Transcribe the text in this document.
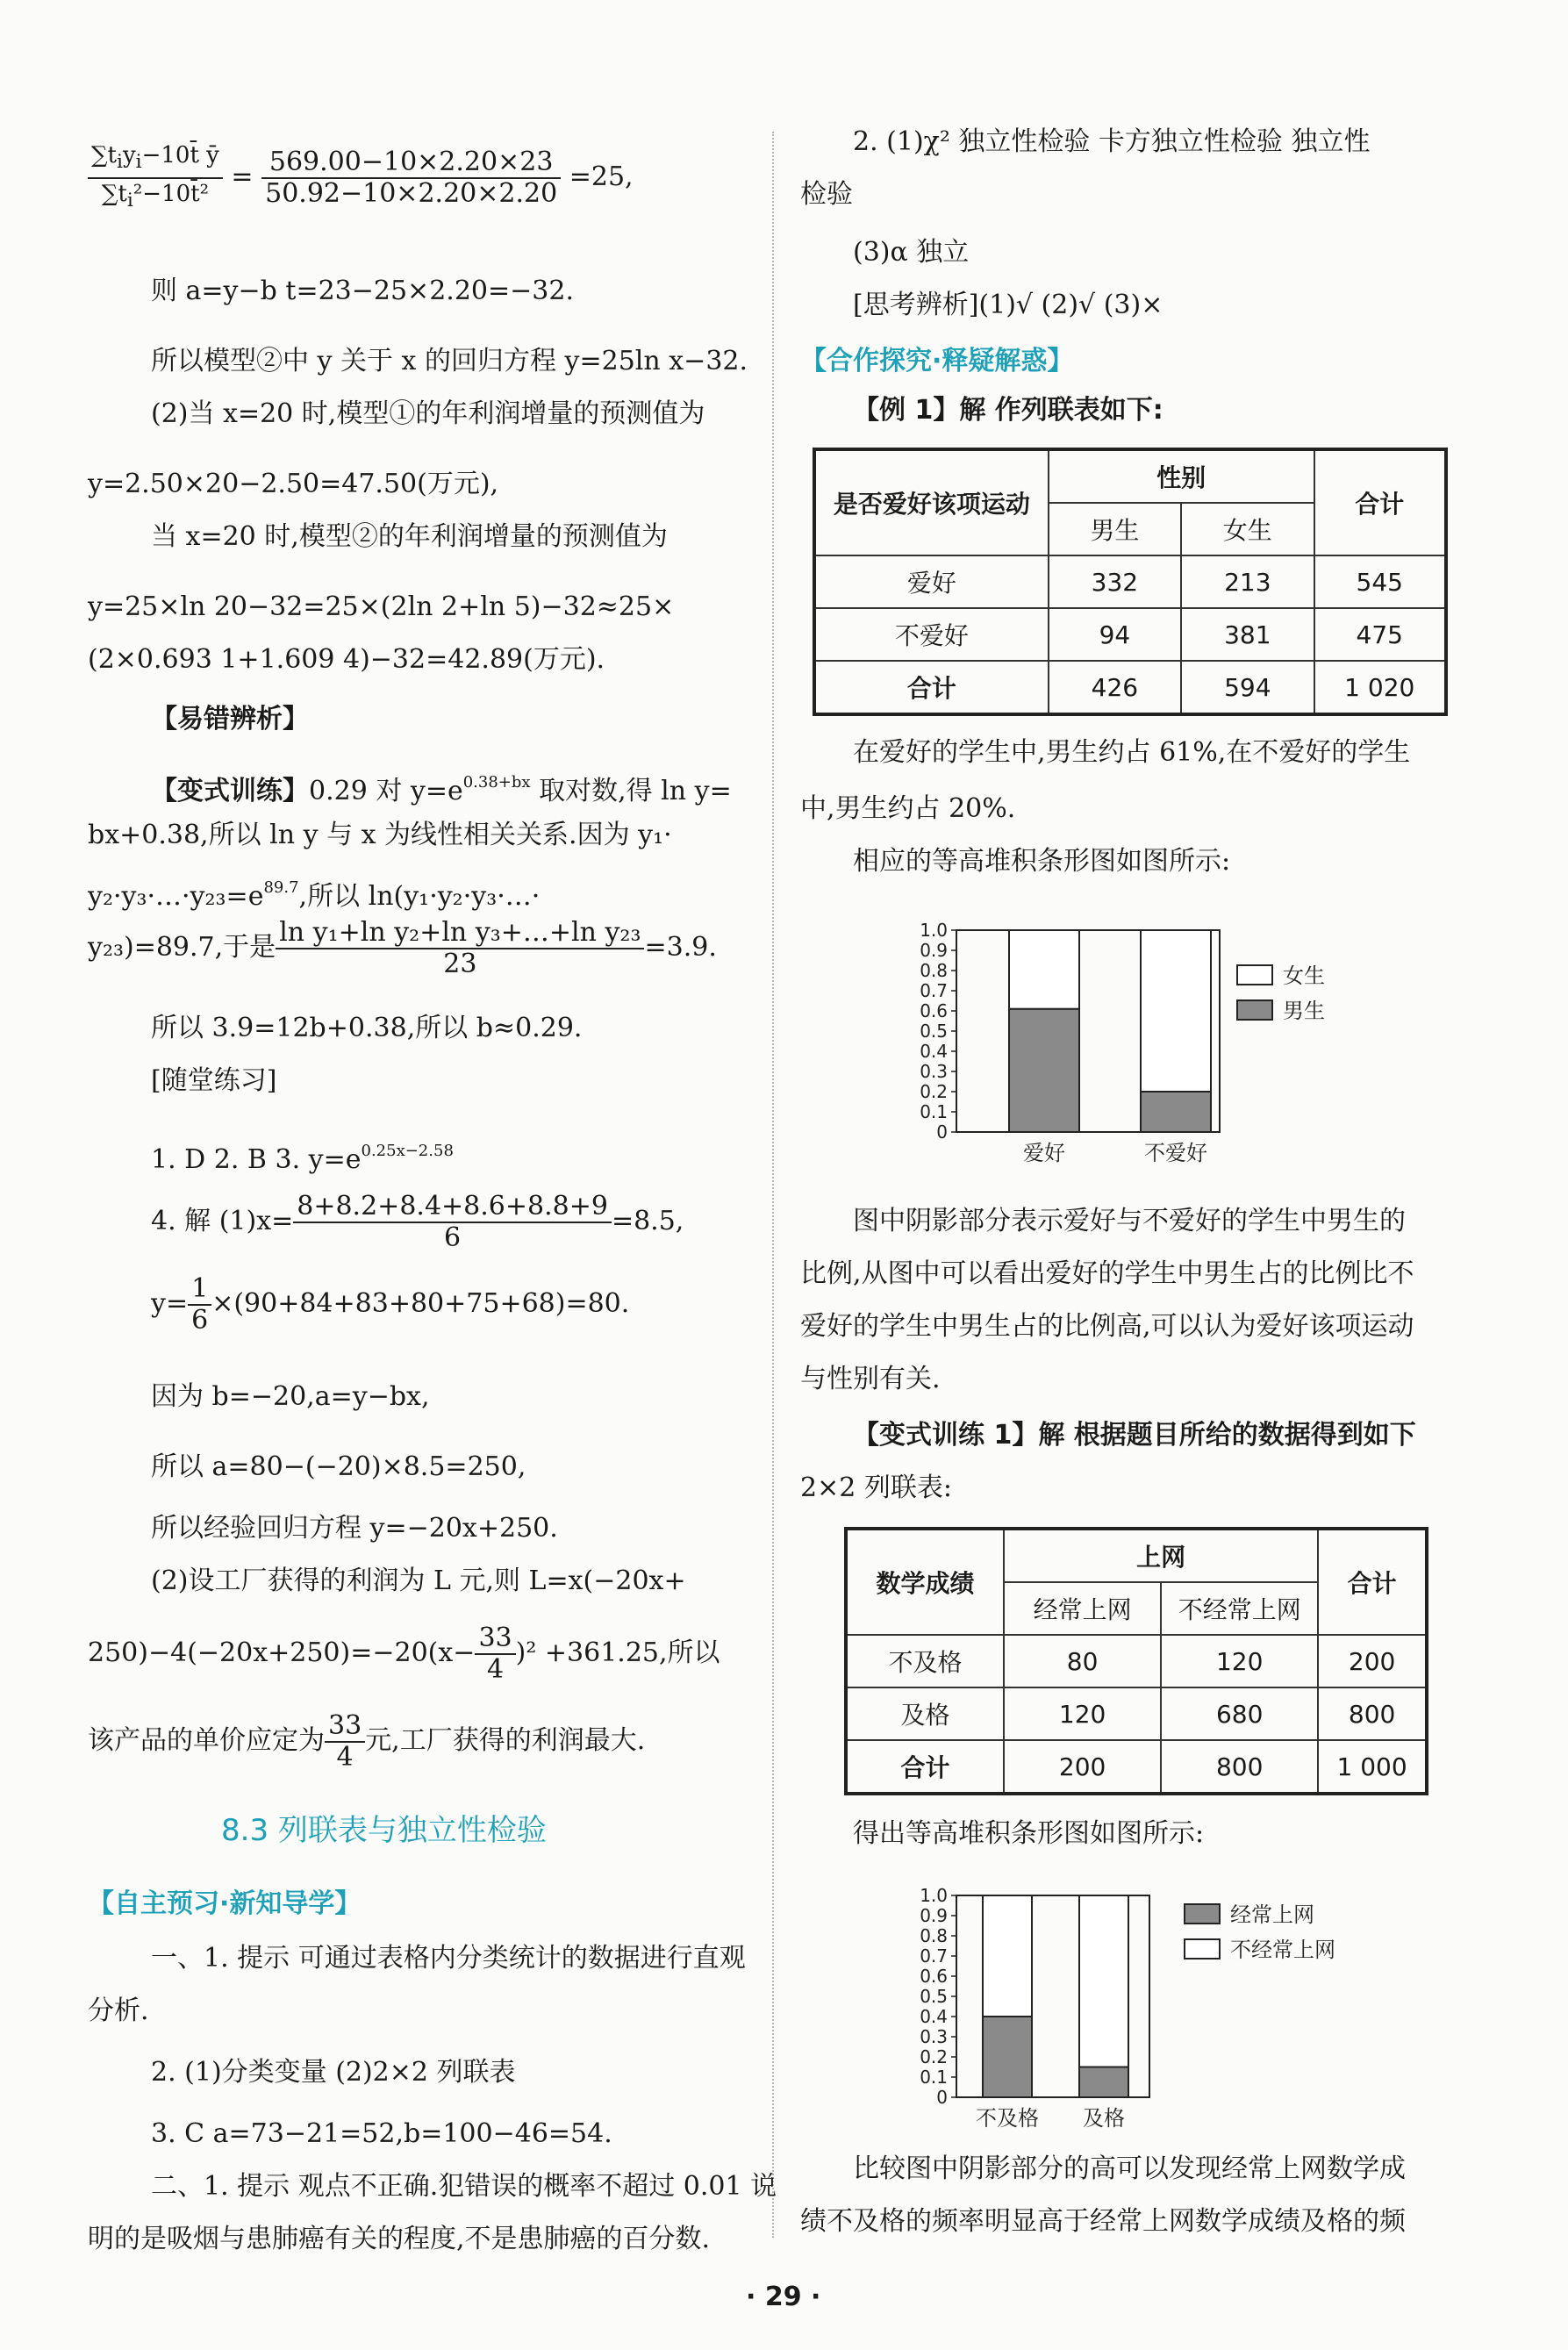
$\frac{\sum t_iy_i-10t̄ ȳ}{\sum t_i^2-10t̄^2} = \frac{569.00-10\times 2.20\times 23}{50.92-10\times 2.20\times 2.20} =25$,
则 a=y−b t=23−25×2.20=−32.
所以模型②中 y 关于 x 的回归方程 y=25ln x−32.
(2)当 x=20 时,模型①的年利润增量的预测值为
y=2.50×20−2.50=47.50(万元),
当 x=20 时,模型②的年利润增量的预测值为
y=25×ln 20−32=25×(2ln 2+ln 5)−32≈25×
(2×0.693 1+1.609 4)−32=42.89(万元).
【易错辨析】
【变式训练】0.29 对 $y=e^{0.38+bx}$ 取对数,得 ln y=
bx+0.38,所以 ln y 与 x 为线性相关关系.因为 y₁·
$y_2\cdot y_3\cdot\dots\cdot y_{23}=e^{89.7}$,所以 ln(y₁·y₂·y₃·…·
y₂₃)=89.7,于是 $\frac{\text{ln y₁+ln y₂+ln y₃+…+ln y₂₃}}{23} =3.9$.
所以 3.9=12b+0.38,所以 b≈0.29.
[随堂练习]
1. D 2. B 3. $y=e^{0.25x-2.58}$
4. 解 $(1)x= \frac{8+8.2+8.4+8.6+8.8+9}{6} =8.5$,
$y= \frac{1}{6} \times(90+84+83+80+75+68)=80$.
因为 b=−20,a=y−bx,
所以 a=80−(−20)×8.5=250,
所以经验回归方程 y=−20x+250.
(2)设工厂获得的利润为 L 元,则 L=x(−20x+
$250)-4(-20x+250)=-20(x- \frac{33}{4} )^2 +361.25$,所以
该产品的单价应定为 $\frac{33}{4}$ 元,工厂获得的利润最大.
8.3 列联表与独立性检验
【自主预习·新知导学】
一、1. 提示 可通过表格内分类统计的数据进行直观
分析.
2. (1)分类变量 (2)2×2 列联表
3. C a=73−21=52,b=100−46=54.
二、1. 提示 观点不正确.犯错误的概率不超过 0.01 说
明的是吸烟与患肺癌有关的程度,不是患肺癌的百分数.
2. (1)χ² 独立性检验 卡方独立性检验 独立性
检验
(3)α 独立
[思考辨析](1)√ (2)√ (3)×
【合作探究·释疑解惑】
【例 1】解 作列联表如下:
是否爱好该项运动	性别		合计
	男生	女生	
爱好	332	213	545
不爱好	94	381	475
合计	426	594	1 020
在爱好的学生中,男生约占 61%,在不爱好的学生
中,男生约占 20%.
相应的等高堆积条形图如图所示:
0
0.1
0.2
0.3
0.4
0.5
0.6
0.7
0.8
0.9
1.0
爱好	不爱好
女生
男生
图中阴影部分表示爱好与不爱好的学生中男生的
比例,从图中可以看出爱好的学生中男生占的比例比不
爱好的学生中男生占的比例高,可以认为爱好该项运动
与性别有关.
【变式训练 1】解 根据题目所给的数据得到如下
2×2 列联表:
数学成绩	上网		合计
	经常上网	不经常上网	
不及格	80	120	200
及格	120	680	800
合计	200	800	1 000
得出等高堆积条形图如图所示:
0
0.1
0.2
0.3
0.4
0.5
0.6
0.7
0.8
0.9
1.0
不及格 及格
经常上网
不经常上网
比较图中阴影部分的高可以发现经常上网数学成
绩不及格的频率明显高于经常上网数学成绩及格的频
· 29 ·
